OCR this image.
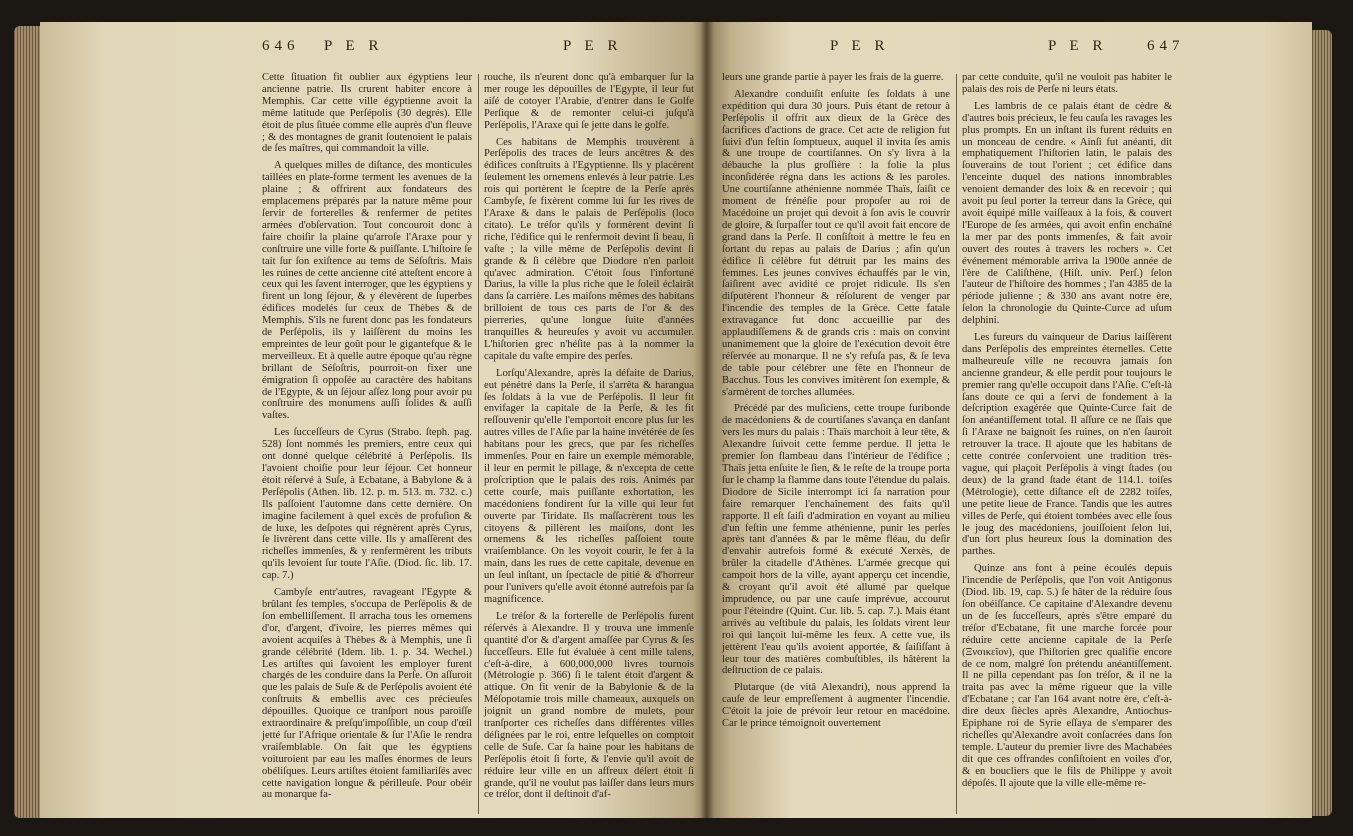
646 P E R	P E R	P E R	P E R	647

Cette ſituation fit oublier aux égyptiens leur ancienne patrie. Ils crurent habiter encore à Memphis. Car cette ville égyptienne avoit la même latitude que Perſépolis (30 degrés). Elle étoit de plus ſituée comme elle auprès d'un fleuve ; & des montagnes de granit ſoutenoient le palais de ſes maîtres, qui commandoit la ville.

A quelques milles de diſtance, des monticules taillées en plate-forme terment les avenues de la plaine ; & offrirent aux fondateurs des emplacemens préparés par la nature même pour ſervir de forterelles & renfermer de petites armées d'obſervation. Tout concouroit donc à faire choiſir la plaine qu'arroſe l'Araxe pour y conſtruire une ville forte & puiſſante. L'hiſtoire ſe tait ſur ſon exiſtence au tems de Séſoſtris. Mais les ruines de cette ancienne cité atteſtent encore à ceux qui les ſavent interroger, que les égyptiens y firent un long ſéjour, & y élevèrent de ſuperbes édifices modelés ſur ceux de Thèbes & de Memphis. S'ils ne furent donc pas les fondateurs de Perſépolis, ils y laiſſèrent du moins les empreintes de leur goût pour le gigantefque & le merveilleux. Et à quelle autre époque qu'au règne brillant de Séſoſtris, pourroit-on fixer une émigration ſi oppoſée au caractère des habitans de l'Egypte, & un ſéjour aſſez long pour avoir pu conſtruire des monumens auſſi ſolides & auſſi vaſtes.

Les ſucceſſeurs de Cyrus (Strabo. ſteph. pag. 528) ſont nommés les premiers, entre ceux qui ont donné quelque célébrité à Perſépolis. Ils l'avoient choiſie pour leur ſéjour. Cet honneur étoit réſervé à Suſe, à Ecbatane, à Babylone & à Perſépolis (Athen. lib. 12. p. m. 513. m. 732. c.) Ils paſſoient l'automne dans cette dernière. On imagine facilement à quel excès de profuſion & de luxe, les deſpotes qui régnèrent après Cyrus, ſe livrèrent dans cette ville. Ils y amaſſèrent des richeſſes immenſes, & y renfermèrent les tributs qu'ils levoient ſur toute l'Aſie. (Diod. ſic. lib. 17. cap. 7.)

Cambyſe entr'autres, ravageant l'Egypte & brûlant ſes temples, s'occupa de Perſépolis & de ſon embelliſſement. Il arracha tous les ornemens d'or, d'argent, d'ivoire, les pierres mêmes qui avoient acquiſes à Thèbes & à Memphis, une ſi grande célébrité (Idem. lib. 1. p. 34. Wechel.) Les artiſtes qui ſavoient les employer furent chargés de les conduire dans la Perſe. On aſſuroit que les palais de Suſe & de Perſépolis avoient été conſtruits & embellis avec ces précieuſes dépouilles. Quoique ce tranſport nous paroiſſe extraordinaire & preſqu'impoſſible, un coup d'œil jetté ſur l'Afrique orientale & ſur l'Aſie le rendra vraiſemblable. On ſait que les égyptiens voituroient par eau les maſſes énormes de leurs obéliſques. Leurs artiſtes étoient familiariſés avec cette navigation longue & périlleuſe. Pour obéir au monarque fa-

rouche, ils n'eurent donc qu'à embarquer ſur la mer rouge les dépouilles de l'Egypte, il leur fut aiſé de cotoyer l'Arabie, d'entrer dans le Golfe Perſique & de remonter celui-ci juſqu'à Perſépolis, l'Araxe qui ſe jette dans le golfe.

Ces habitans de Memphis trouvèrent à Perſépolis des traces de leurs ancêtres & des édifices conſtruits à l'Egyptienne. Ils y placèrent ſeulement les ornemens enlevés à leur patrie. Les rois qui portèrent le ſceptre de la Perſe après Cambyſe, ſe fixèrent comme lui ſur les rives de l'Araxe & dans le palais de Perſépolis (loco citato). Le tréſor qu'ils y formèrent devint ſi riche, l'édifice qui le renfermoit devint ſi beau, ſi vaſte ; la ville même de Perſépolis devint ſi grande & ſi célèbre que Diodore n'en parloit qu'avec admiration. C'étoit ſous l'infortuné Darius, la ville la plus riche que le ſoleil éclairât dans ſa carrière. Les maiſons mêmes des habitans brilloient de tous ces parts de l'or & des pierreries, qu'une longue ſuite d'années tranquilles & heureuſes y avoit vu accumuler. L'hiſtorien grec n'héſite pas à la nommer la capitale du vaſte empire des perſes.

Lorſqu'Alexandre, après la défaite de Darius, eut pénétré dans la Perſe, il s'arrêta & harangua ſes ſoldats à la vue de Perſépolis. Il leur fit envifager la capitale de la Perſe, & les fit reſſouvenir qu'elle l'emportoit encore plus ſur les autres villes de l'Aſie par la haine invétérée de ſes habitans pour les grecs, que par ſes richeſſes immenſes. Pour en faire un exemple mémorable, il leur en permit le pillage, & n'excepta de cette proſcription que le palais des rois. Animés par cette courſe, mais puiſſante exhortation, les macédoniens fondirent ſur la ville qui leur fut ouverte par Tiridate. Ils maſſacrèrent tous les citoyens & pillèrent les maiſons, dont les ornemens & les richeſſes paſſoient toute vraiſemblance. On les voyoit courir, le fer à la main, dans les rues de cette capitale, devenue en un ſeul inſtant, un ſpectacle de pitié & d'horreur pour l'univers qu'elle avoit étonné autrefois par ſa magnificence.

Le tréſor & la forterelle de Perſépolis furent réſervés à Alexandre. Il y trouva une immenſe quantité d'or & d'argent amaſſée par Cyrus & ſes ſucceſſeurs. Elle fut évaluée à cent mille talens, c'eſt-à-dire, à 600,000,000 livres tournois (Métrologie p. 366) ſi le talent étoit d'argent & attique. On fit venir de la Babylonie & de la Méſopotamie trois mille chameaux, auxquels on joignit un grand nombre de mulets, pour tranſporter ces richeſſes dans différentes villes déſignées par le roi, entre leſquelles on comptoit celle de Suſe. Car ſa haine pour les habitans de Perſépolis étoit ſi forte, & l'envie qu'il avoit de réduire leur ville en un affreux déſert étoit ſi grande, qu'il ne voulut pas laiſſer dans leurs murs ce tréſor, dont il deſtinoit d'af-

leurs une grande partie à payer les frais de la guerre.

Alexandre conduiſit enſuite ſes ſoldats à une expédition qui dura 30 jours. Puis étant de retour à Perſépolis il offrit aux dieux de la Grèce des ſacrifices d'actions de grace. Cet acte de religion fut ſuivi d'un feſtin ſomptueux, auquel il invita ſes amis & une troupe de courtiſannes. On s'y livra à la débauche la plus groſſière : la folie la plus inconſidérée régna dans les actions & les paroles. Une courtiſanne athénienne nommée Thaïs, ſaiſit ce moment de frénéſie pour propoſer au roi de Macédoine un projet qui devoit à ſon avis le couvrir de gloire, & ſurpaſſer tout ce qu'il avoit fait encore de grand dans la Perſe. Il conſiſtoit à mettre le feu en ſortant du repas au palais de Darius ; afin qu'un édifice ſi célèbre fut détruit par les mains des femmes. Les jeunes convives échauffés par le vin, ſaiſirent avec avidité ce projet ridicule. Ils s'en diſputèrent l'honneur & réſolurent de venger par l'incendie des temples de la Grèce. Cette fatale extravagance fut donc accueillie par des applaudiſſemens & de grands cris : mais on convint unanimement que la gloire de l'exécution devoit être réſervée au monarque. Il ne s'y refuſa pas, & ſe leva de table pour célébrer une fête en l'honneur de Bacchus. Tous les convives imitèrent ſon exemple, & s'armèrent de torches allumées.

Précédé par des muſiciens, cette troupe furibonde de macédoniens & de courtiſanes s'avança en danſant vers les murs du palais : Thaïs marchoit à leur tête, & Alexandre ſuivoit cette femme perdue. Il jetta le premier ſon flambeau dans l'intérieur de l'édifice ; Thaïs jetta enſuite le ſien, & le reſte de la troupe porta ſur le champ la flamme dans toute l'étendue du palais. Diodore de Sicile interrompt ici ſa narration pour faire remarquer l'enchaînement des faits qu'il rapporte. Il eſt ſaiſi d'admiration en voyant au milieu d'un feſtin une femme athénienne, punir les perſes après tant d'années & par le même fléau, du deſir d'envahir autrefois formé & exécuté Xerxès, de brûler la citadelle d'Athènes. L'armée grecque qui campoit hors de la ville, ayant apperçu cet incendie, & croyant qu'il avoit été allumé par quelque imprudence, ou par une cauſe imprévue, accourut pour l'éteindre (Quint. Cur. lib. 5. cap. 7.). Mais étant arrivés au veſtibule du palais, les ſoldats virent leur roi qui lançoit lui-même les feux. A cette vue, ils jettèrent l'eau qu'ils avoient apportée, & ſaiſiſſant à leur tour des matières combuſtibles, ils hâtèrent la deſtruction de ce palais.

Plutarque (de vitâ Alexandri), nous apprend la cauſe de leur empreſſement à augmenter l'incendie. C'étoit la joie de prévoir leur retour en macédoine. Car le prince témoignoit ouvertement

par cette conduite, qu'il ne vouloit pas habiter le palais des rois de Perſe ni leurs états.

Les lambris de ce palais étant de cèdre & d'autres bois précieux, le feu cauſa les ravages les plus prompts. En un inſtant ils furent réduits en un monceau de cendre. « Ainſi fut anéanti, dit emphatiquement l'hiſtorien latin, le palais des ſouverains de tout l'orient ; cet édifice dans l'enceinte duquel des nations innombrables venoient demander des loix & en recevoir ; qui avoit pu ſeul porter la terreur dans la Grèce, qui avoit équipé mille vaiſſeaux à la fois, & couvert l'Europe de ſes armées, qui avoit enfin enchaîné la mer par des ponts immenſes, & fait avoir ouvert des routes à travers les rochers ». Cet événement mémorable arriva la 1900e année de l'ère de Caliſthène, (Hiſt. univ. Perſ.) ſelon l'auteur de l'hiſtoire des hommes ; l'an 4385 de la période julienne ; & 330 ans avant notre ère, ſelon la chronologie du Quinte-Curce ad uſum delphini.

Les fureurs du vainqueur de Darius laiſſèrent dans Perſépolis des empreintes éternelles. Cette malheureuſe ville ne recouvra jamais ſon ancienne grandeur, & elle perdit pour toujours le premier rang qu'elle occupoit dans l'Aſie. C'eſt-là ſans doute ce qui a ſervi de fondement à la deſcription exagérée que Quinte-Curce fait de ſon anéantiſſement total. Il aſſure ce ne ſſais que ſi l'Araxe ne baignoit ſes ruines, on n'en ſauroit retrouver la trace. Il ajoute que les habitans de cette contrée conſervoient une tradition très-vague, qui plaçoit Perſépolis à vingt ſtades (ou deux) de la grand ſtade étant de 114.1. toiſes (Métrologie), cette diſtance eſt de 2282 toiſes, une petite lieue de France. Tandis que les autres villes de Perſe, qui étoient tombées avec elle ſous le joug des macédoniens, jouiſſoient ſelon lui, d'un ſort plus heureux ſous la domination des parthes.

Quinze ans font à peine écoulés depuis l'incendie de Perſépolis, que l'on voit Antigonus (Diod. lib. 19, cap. 5.) ſe hâter de la réduire ſous ſon obéiſſance. Ce capitaine d'Alexandre devenu un de ſes ſucceſſeurs, après s'être emparé du tréſor d'Ecbatane, fit une marche forcée pour réduire cette ancienne capitale de la Perſe (Ξνσικεῖον), que l'hiſtorien grec qualifie encore de ce nom, malgré ſon prétendu anéantiſſement. Il ne pilla cependant pas ſon tréſor, & il ne la traita pas avec la même rigueur que la ville d'Ecbatane ; car l'an 164 avant notre ère, c'eſt-à-dire deux ſiècles après Alexandre, Antiochus-Epiphane roi de Syrie eſſaya de s'emparer des richeſſes qu'Alexandre avoit conſacrées dans ſon temple. L'auteur du premier livre des Machabées dit que ces offrandes conſiſtoient en voiles d'or, & en boucliers que le fils de Philippe y avoit dépoſés. Il ajoute que la ville elle-même re-
